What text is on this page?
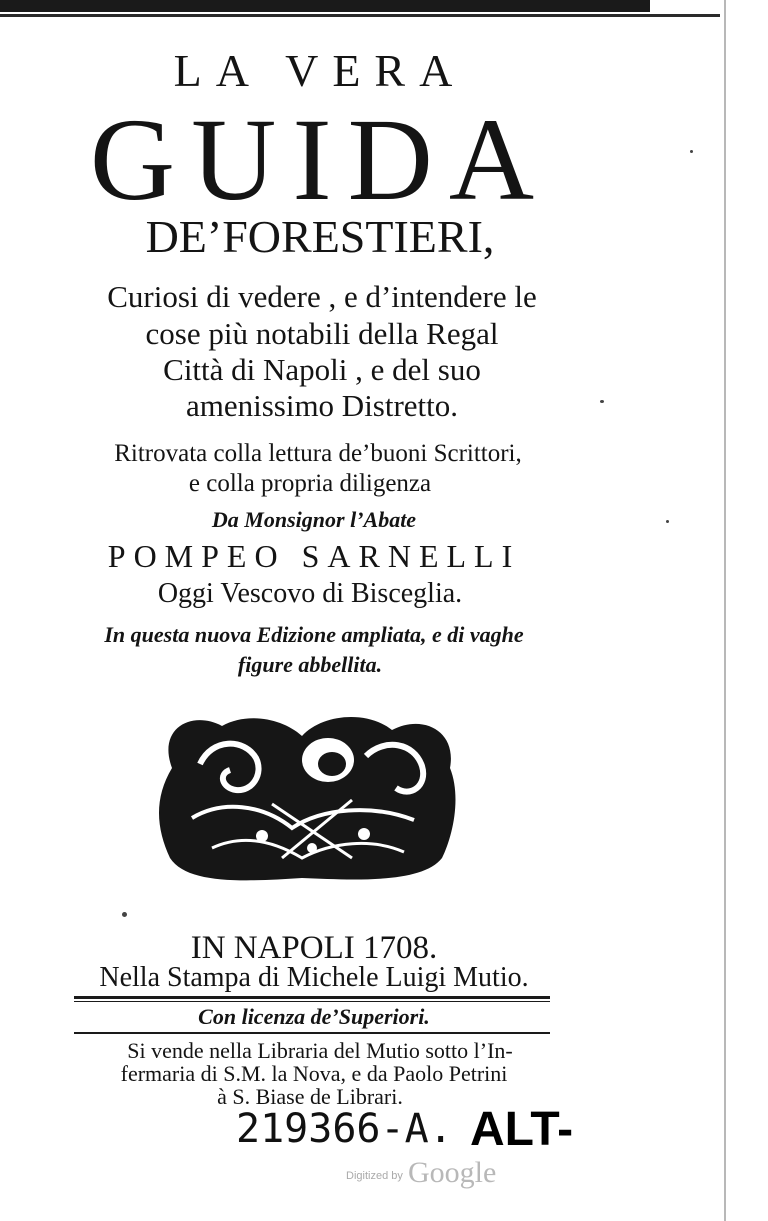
LA VERA
GUIDA
DE’FORESTIERI,
Curiosi di vedere , e d’intendere le
cose più notabili della Regal
Città di Napoli , e del suo
amenissimo Distretto.
Ritrovata colla lettura de’buoni Scrittori,
e colla propria diligenza
Da Monsignor l’Abate
POMPEO SARNELLI
Oggi Vescovo di Bisceglia.
In questa nuova Edizione ampliata, e di vaghe
figure abbellita.
IN NAPOLI 1708.
Nella Stampa di Michele Luigi Mutio.
Con licenza de’Superiori.
Si vende nella Libraria del Mutio sotto l’In-
fermaria di S.M. la Nova, e da Paolo Petrini
à S. Biase de Librari.
219366-A. ALT-
Digitized by Google
